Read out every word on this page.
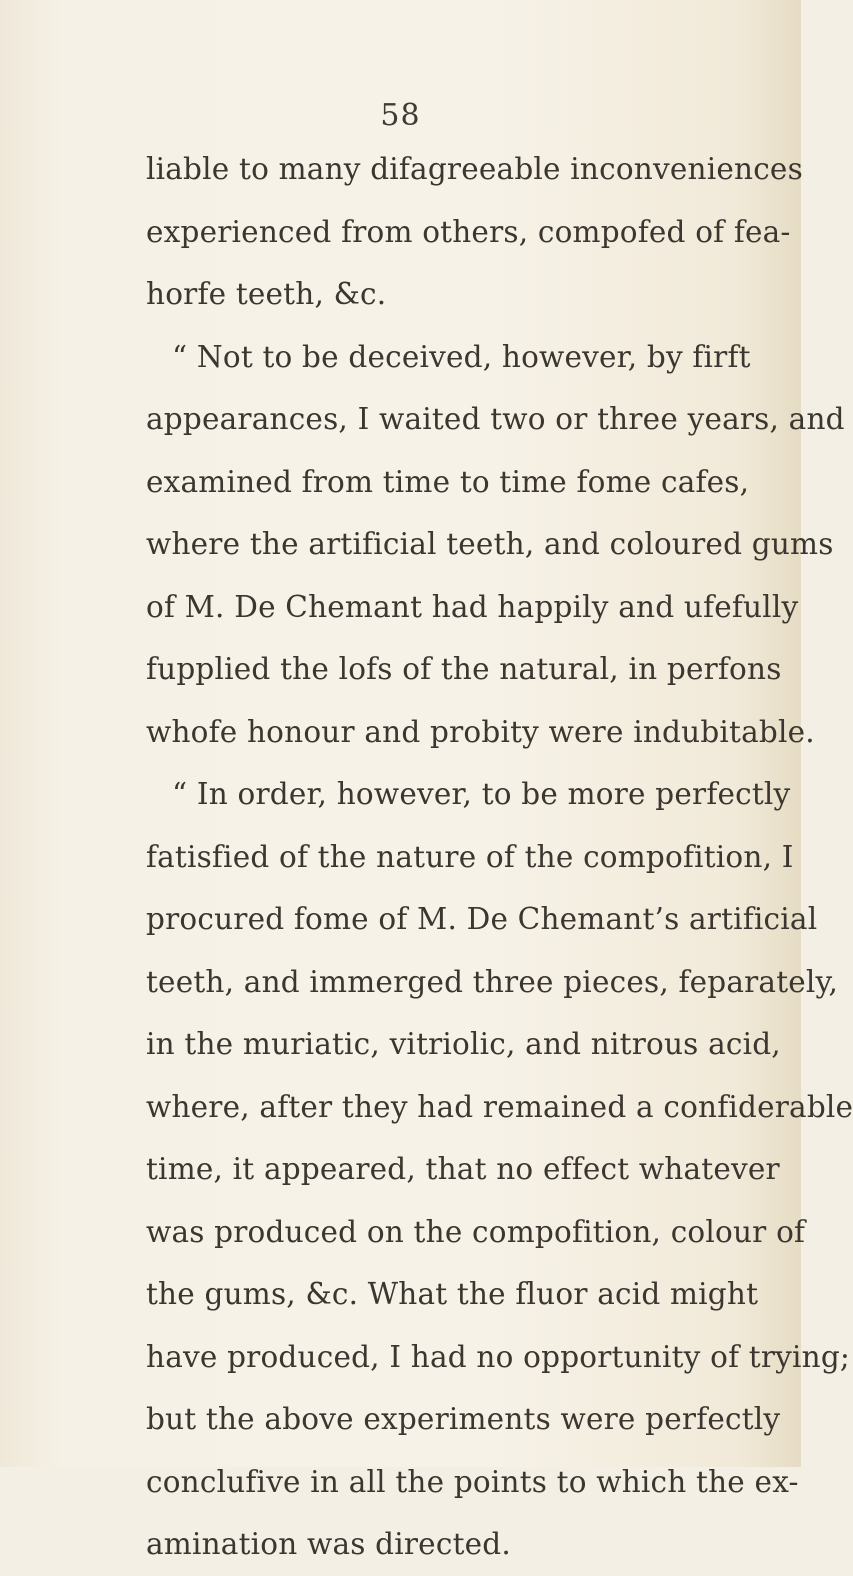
58
liable to many difagreeable inconveniences
experienced from others, compofed of fea-
horfe teeth, &c.
“ Not to be deceived, however, by firft
appearances, I waited two or three years, and
examined from time to time fome cafes,
where the artificial teeth, and coloured gums
of M. De Chemant had happily and ufefully
fupplied the lofs of the natural, in perfons
whofe honour and probity were indubitable.
“ In order, however, to be more perfectly
fatisfied of the nature of the compofition, I
procured fome of M. De Chemant’s artificial
teeth, and immerged three pieces, feparately,
in the muriatic, vitriolic, and nitrous acid,
where, after they had remained a confiderable
time, it appeared, that no effect whatever
was produced on the compofition, colour of
the gums, &c. What the fluor acid might
have produced, I had no opportunity of trying;
but the above experiments were perfectly
conclufive in all the points to which the ex-
amination was directed.
